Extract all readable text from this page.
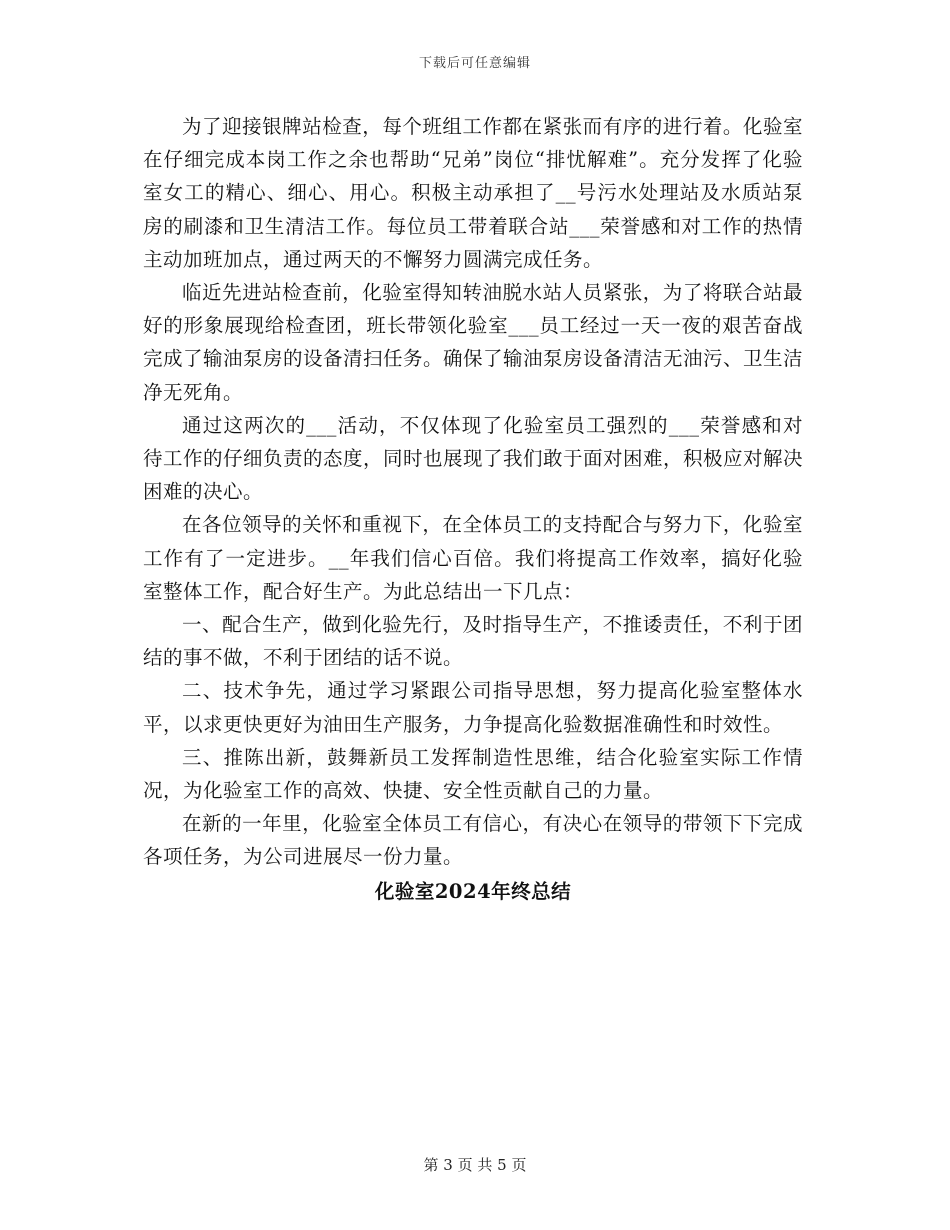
下载后可任意编辑

为了迎接银牌站检查，每个班组工作都在紧张而有序的进行着。化验室在仔细完成本岗工作之余也帮助“兄弟”岗位“排忧解难”。充分发挥了化验室女工的精心、细心、用心。积极主动承担了__号污水处理站及水质站泵房的刷漆和卫生清洁工作。每位员工带着联合站___荣誉感和对工作的热情主动加班加点，通过两天的不懈努力圆满完成任务。

临近先进站检查前，化验室得知转油脱水站人员紧张，为了将联合站最好的形象展现给检查团，班长带领化验室___员工经过一天一夜的艰苦奋战完成了输油泵房的设备清扫任务。确保了输油泵房设备清洁无油污、卫生洁净无死角。

通过这两次的___活动，不仅体现了化验室员工强烈的___荣誉感和对待工作的仔细负责的态度，同时也展现了我们敢于面对困难，积极应对解决困难的决心。

在各位领导的关怀和重视下，在全体员工的支持配合与努力下，化验室工作有了一定进步。__年我们信心百倍。我们将提高工作效率，搞好化验室整体工作，配合好生产。为此总结出一下几点：

一、配合生产，做到化验先行，及时指导生产，不推诿责任，不利于团结的事不做，不利于团结的话不说。

二、技术争先，通过学习紧跟公司指导思想，努力提高化验室整体水平，以求更快更好为油田生产服务，力争提高化验数据准确性和时效性。

三、推陈出新，鼓舞新员工发挥制造性思维，结合化验室实际工作情况，为化验室工作的高效、快捷、安全性贡献自己的力量。

在新的一年里，化验室全体员工有信心，有决心在领导的带领下下完成各项任务，为公司进展尽一份力量。

化验室2024年终总结
第 3 页 共 5 页
